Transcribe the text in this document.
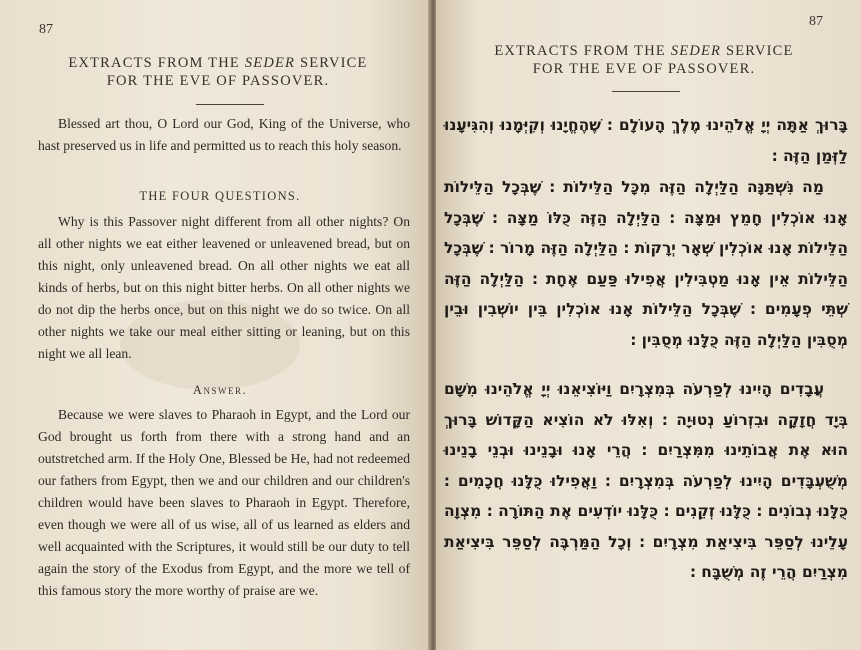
87
EXTRACTS FROM THE SEDER SERVICE
FOR THE EVE OF PASSOVER.

Blessed art thou, O Lord our God, King of the Universe, who hast preserved us in life and permitted us to reach this holy season.

THE FOUR QUESTIONS.

Why is this Passover night different from all other nights? On all other nights we eat either leavened or unleavened bread, but on this night, only unleavened bread. On all other nights we eat all kinds of herbs, but on this night bitter herbs. On all other nights we do not dip the herbs once, but on this night we do so twice. On all other nights we take our meal either sitting or leaning, but on this night we all lean.

Answer.

Because we were slaves to Pharaoh in Egypt, and the Lord our God brought us forth from there with a strong hand and an outstretched arm. If the Holy One, Blessed be He, had not redeemed our fathers from Egypt, then we and our children and our children's children would have been slaves to Pharaoh in Egypt. Therefore, even though we were all of us wise, all of us learned as elders and well acquainted with the Scriptures, it would still be our duty to tell again the story of the Exodus from Egypt, and the more we tell of this famous story the more worthy of praise are we.

87
EXTRACTS FROM THE SEDER SERVICE
FOR THE EVE OF PASSOVER.

בָּרוּךְ אַתָּה יְיָ אֱלֹהֵינוּ מֶלֶךְ הָעוֹלָם ׃ שֶׁהֶחֱיָנוּ וְקִיְּמָנוּ וְהִגִּיעָנוּ לַזְּמַן הַזֶּה ׃

מַה נִּשְׁתַּנָּה הַלַּיְלָה הַזֶּה מִכָּל הַלֵּילוֹת ׃ שֶׁבְּכָל הַלֵּילוֹת אָנוּ אוֹכְלִין חָמֵץ וּמַצָּה ׃ הַלַּיְלָה הַזֶּה כֻּלּוֹ מַצָּה ׃ שֶׁבְּכָל הַלֵּילוֹת אָנוּ אוֹכְלִין שְׁאָר יְרָקוֹת ׃ הַלַּיְלָה הַזֶּה מָרוֹר ׃ שֶׁבְּכָל הַלֵּילוֹת אֵין אָנוּ מַטְבִּילִין אֲפִילוּ פַּעַם אֶחָת ׃ הַלַּיְלָה הַזֶּה שְׁתֵּי פְעָמִים ׃ שֶׁבְּכָל הַלֵּילוֹת אָנוּ אוֹכְלִין בֵּין יוֹשְׁבִין וּבֵין מְסֻבִּין הַלַּיְלָה הַזֶּה כֻּלָּנוּ מְסֻבִּין ׃

עֲבָדִים הָיִינוּ לְפַרְעֹה בְּמִצְרָיִם וַיּוֹצִיאֵנוּ יְיָ אֱלֹהֵינוּ מִשָּׁם בְּיָד חֲזָקָה וּבִזְרוֹעַ נְטוּיָה ׃ וְאִלּוּ לֹא הוֹצִיא הַקָּדוֹשׁ בָּרוּךְ הוּא אֶת אֲבוֹתֵינוּ מִמִּצְרַיִם ׃ הֲרֵי אָנוּ וּבָנֵינוּ וּבְנֵי בָנֵינוּ מְשֻׁעְבָּדִים הָיִינוּ לְפַרְעֹה בְּמִצְרָיִם ׃ וַאֲפִילוּ כֻּלָּנוּ חֲכָמִים ׃ כֻּלָּנוּ נְבוֹנִים ׃ כֻּלָּנוּ זְקֵנִים ׃ כֻּלָּנוּ יוֹדְעִים אֶת הַתּוֹרָה ׃ מִצְוָה עָלֵינוּ לְסַפֵּר בִּיצִיאַת מִצְרָיִם ׃ וְכָל הַמַּרְבֶּה לְסַפֵּר בִּיצִיאַת מִצְרַיִם הֲרֵי זֶה מְשֻׁבָּח ׃
